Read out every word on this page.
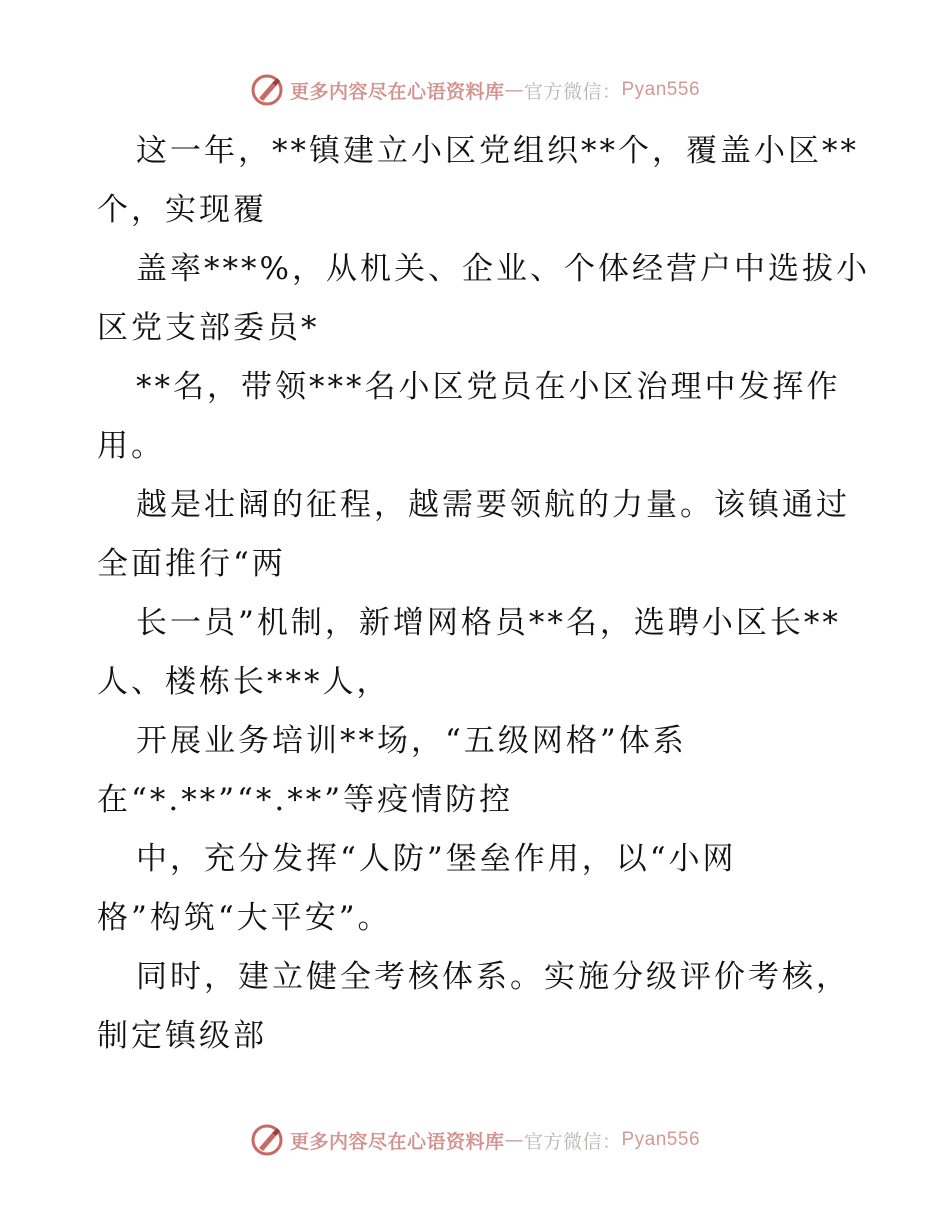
更多内容尽在心语资料库 — 官方微信： Pyan556

这一年，**镇建立小区党组织**个，覆盖小区**
个，实现覆

盖率***%，从机关、企业、个体经营户中选拔小
区党支部委员*

**名，带领***名小区党员在小区治理中发挥作
用。

越是壮阔的征程，越需要领航的力量。该镇通过
全面推行“两

长一员”机制，新增网格员**名，选聘小区长**
人、楼栋长***人，

开展业务培训**场，“五级网格”体系
在“*.**”“*.**”等疫情防控

中，充分发挥“人防”堡垒作用，以“小网
格”构筑“大平安”。

同时，建立健全考核体系。实施分级评价考核，
制定镇级部

更多内容尽在心语资料库 — 官方微信： Pyan556
